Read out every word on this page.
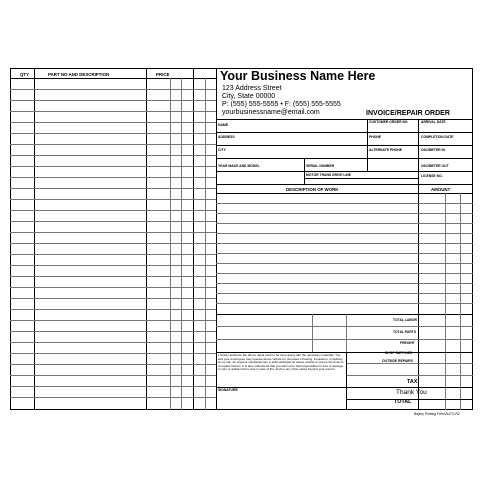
QTY	PART NO AND DESCRIPTION	PRICE	Your Business Name Here
123 Address Street
City, State 00000
P: (555) 555-5555 • F: (555) 555-5555
yourbusinessname@email.com	INVOICE/REPAIR ORDER
CUSTOMER ORDER NO.	ARRIVAL DATE
NAME
ADDRESS	PHONE	COMPLETION DATE
CITY	ALTERNATE PHONE	ODOMETER IN
YEAR MAKE AND MODEL	SERIAL NUMBER	ODOMETER OUT
MOTOR TRANS DRIVE LINE	LICENSE NO.
DESCRIPTION OF WORK	AMOUNT
TOTAL LABOR
TOTAL PARTS
FREIGHT
SHOP SUPPLIES
OUTSIDE REPAIRS
TAX
Thank You
TOTAL
I hereby authorize the above repair work to be done along with the necessary materials. You and your employees may operate above vehicle for purposes of testing, inspection, or delivery at my risk. An express mechanics lien is acknowledged on above vehicle to secure the amount of repairs thereto. It is also understood that you will not be held responsible for loss or damage to cars or articles left in cars in case of fire, theft or any other cause beyond your control.
SIGNATURE
Bayley Printing Form AUTO-R2
